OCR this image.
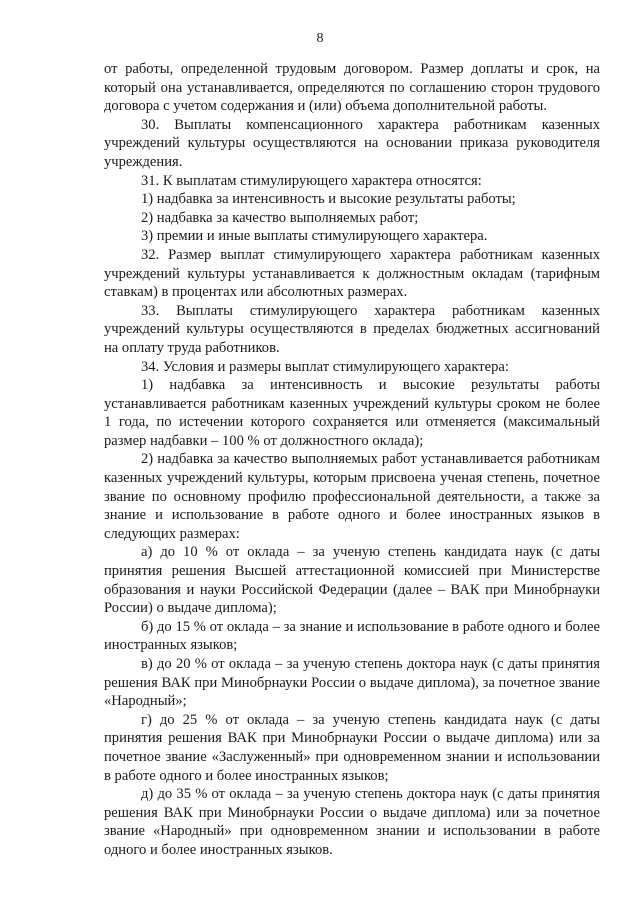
8

от работы, определенной трудовым договором. Размер доплаты и срок, на который она устанавливается, определяются по соглашению сторон трудового договора с учетом содержания и (или) объема дополнительной работы.

30. Выплаты компенсационного характера работникам казенных учреждений культуры осуществляются на основании приказа руководителя учреждения.

31. К выплатам стимулирующего характера относятся:

1) надбавка за интенсивность и высокие результаты работы;

2) надбавка за качество выполняемых работ;

3) премии и иные выплаты стимулирующего характера.

32. Размер выплат стимулирующего характера работникам казенных учреждений культуры устанавливается к должностным окладам (тарифным ставкам) в процентах или абсолютных размерах.

33. Выплаты стимулирующего характера работникам казенных учреждений культуры осуществляются в пределах бюджетных ассигнований на оплату труда работников.

34. Условия и размеры выплат стимулирующего характера:

1) надбавка за интенсивность и высокие результаты работы устанавливается работникам казенных учреждений культуры сроком не более 1 года, по истечении которого сохраняется или отменяется (максимальный размер надбавки – 100 % от должностного оклада);

2) надбавка за качество выполняемых работ устанавливается работникам казенных учреждений культуры, которым присвоена ученая степень, почетное звание по основному профилю профессиональной деятельности, а также за знание и использование в работе одного и более иностранных языков в следующих размерах:

а) до 10 % от оклада – за ученую степень кандидата наук (с даты принятия решения Высшей аттестационной комиссией при Министерстве образования и науки Российской Федерации (далее – ВАК при Минобрнауки России) о выдаче диплома);

б) до 15 % от оклада – за знание и использование в работе одного и более иностранных языков;

в) до 20 % от оклада – за ученую степень доктора наук (с даты принятия решения ВАК при Минобрнауки России о выдаче диплома), за почетное звание «Народный»;

г) до 25 % от оклада – за ученую степень кандидата наук (с даты принятия решения ВАК при Минобрнауки России о выдаче диплома) или за почетное звание «Заслуженный» при одновременном знании и использовании в работе одного и более иностранных языков;

д) до 35 % от оклада – за ученую степень доктора наук (с даты принятия решения ВАК при Минобрнауки России о выдаче диплома) или за почетное звание «Народный» при одновременном знании и использовании в работе одного и более иностранных языков.
